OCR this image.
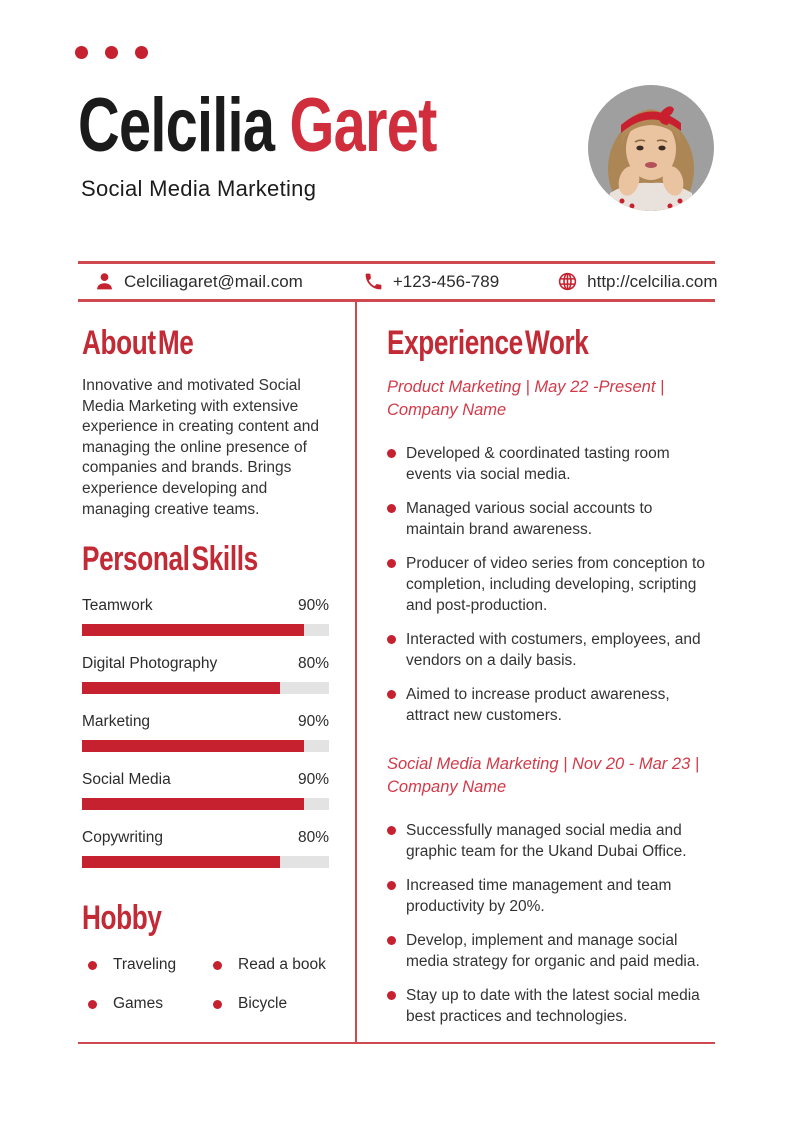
Celcilia Garet

Social Media Marketing

Celciliagaret@mail.com	+123-456-789	http://celcilia.com
About Me

Innovative and motivated Social Media Marketing with extensive experience in creating content and managing the online presence of companies and brands. Brings experience developing and managing creative teams.

Personal Skills
Teamwork	90%
Digital Photography	80%
Marketing	90%
Social Media	90%
Copywriting	80%
Hobby
Traveling	Read a book
Games	Bicycle
Experience Work

Product Marketing | May 22 -Present | Company Name

Developed & coordinated tasting room events via social media.
Managed various social accounts to maintain brand awareness.
Producer of video series from conception to completion, including developing, scripting and post-production.
Interacted with costumers, employees, and vendors on a daily basis.
Aimed to increase product awareness, attract new customers.

Social Media Marketing | Nov 20 - Mar 23 | Company Name

Successfully managed social media and graphic team for the Ukand Dubai Office.
Increased time management and team productivity by 20%.
Develop, implement and manage social media strategy for organic and paid media.
Stay up to date with the latest social media best practices and technologies.
